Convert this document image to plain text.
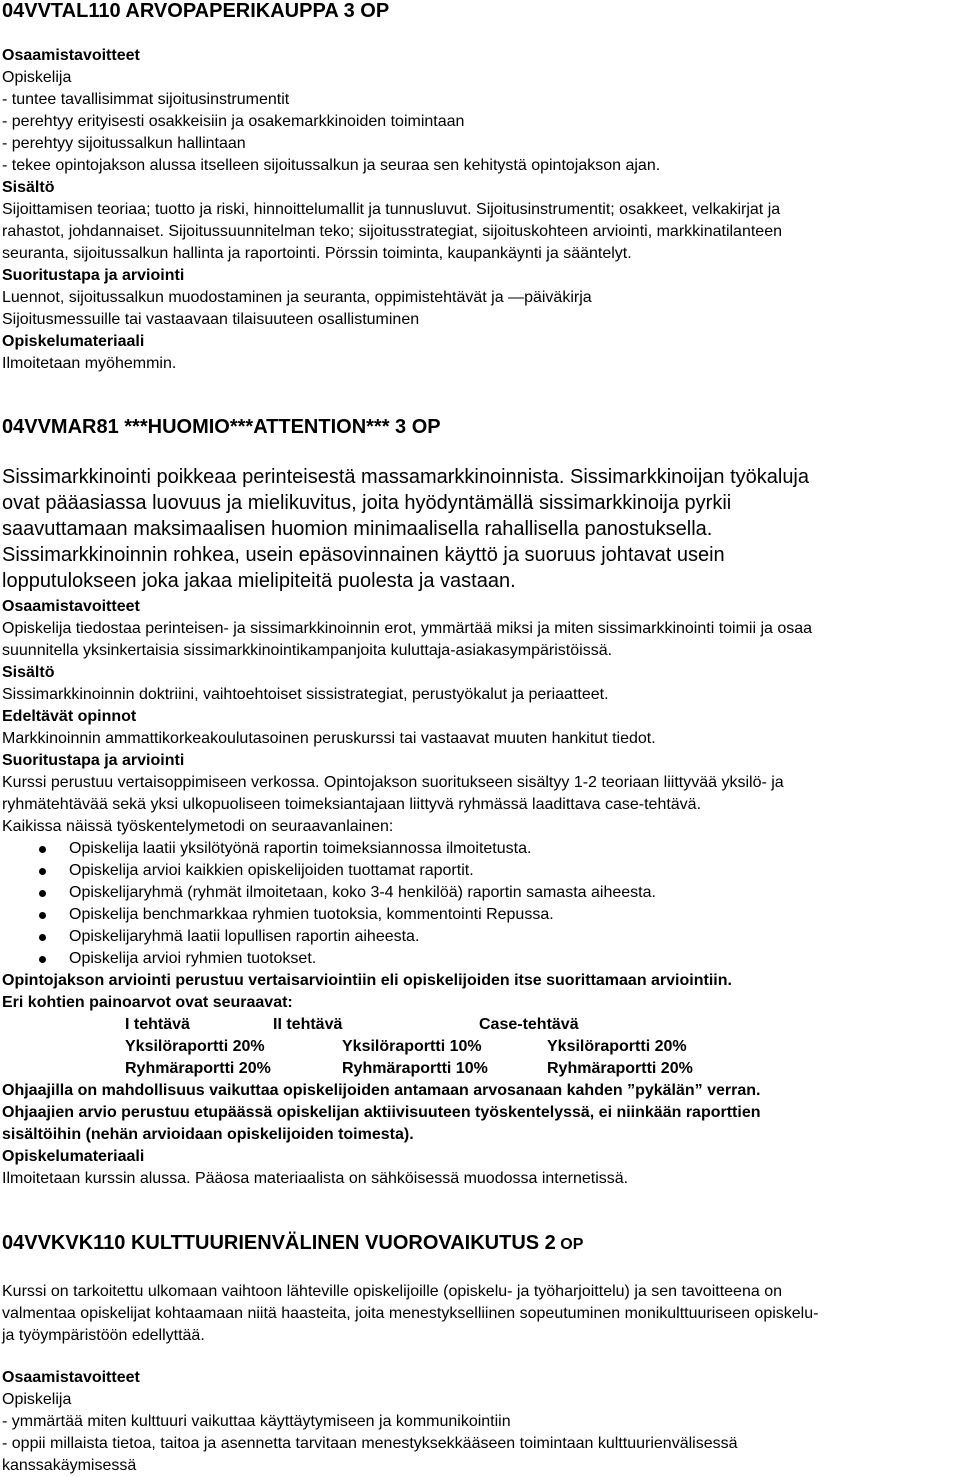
04VVTAL110 ARVOPAPERIKAUPPA 3 OP
Osaamistavoitteet
Opiskelija
- tuntee tavallisimmat sijoitusinstrumentit
- perehtyy erityisesti osakkeisiin ja osakemarkkinoiden toimintaan
- perehtyy sijoitussalkun hallintaan
- tekee opintojakson alussa itselleen sijoitussalkun ja seuraa sen kehitystä opintojakson ajan.
Sisältö
Sijoittamisen teoriaa; tuotto ja riski, hinnoittelumallit ja tunnusluvut. Sijoitusinstrumentit; osakkeet, velkakirjat ja
rahastot, johdannaiset. Sijoitussuunnitelman teko; sijoitusstrategiat, sijoituskohteen arviointi, markkinatilanteen
seuranta, sijoitussalkun hallinta ja raportointi. Pörssin toiminta, kaupankäynti ja sääntelyt.
Suoritustapa ja arviointi
Luennot, sijoitussalkun muodostaminen ja seuranta, oppimistehtävät ja —päiväkirja
Sijoitusmessuille tai vastaavaan tilaisuuteen osallistuminen
Opiskelumateriaali
Ilmoitetaan myöhemmin.
04VVMAR81 ***HUOMIO***ATTENTION*** 3 OP
Sissimarkkinointi poikkeaa perinteisestä massamarkkinoinnista. Sissimarkkinoijan työkaluja
ovat pääasiassa luovuus ja mielikuvitus, joita hyödyntämällä sissimarkkinoija pyrkii
saavuttamaan maksimaalisen huomion minimaalisella rahallisella panostuksella.
Sissimarkkinoinnin rohkea, usein epäsovinnainen käyttö ja suoruus johtavat usein
lopputulokseen joka jakaa mielipiteitä puolesta ja vastaan.
Osaamistavoitteet
Opiskelija tiedostaa perinteisen- ja sissimarkkinoinnin erot, ymmärtää miksi ja miten sissimarkkinointi toimii ja osaa
suunnitella yksinkertaisia sissimarkkinointikampanjoita kuluttaja-asiakasympäristöissä.
Sisältö
Sissimarkkinoinnin doktriini, vaihtoehtoiset sissistrategiat, perustyökalut ja periaatteet.
Edeltävät opinnot
Markkinoinnin ammattikorkeakoulutasoinen peruskurssi tai vastaavat muuten hankitut tiedot.
Suoritustapa ja arviointi
Kurssi perustuu vertaisoppimiseen verkossa. Opintojakson suoritukseen sisältyy 1-2 teoriaan liittyvää yksilö- ja
ryhmätehtävää sekä yksi ulkopuoliseen toimeksiantajaan liittyvä ryhmässä laadittava case-tehtävä.
Kaikissa näissä työskentelymetodi on seuraavanlainen:
Opiskelija laatii yksilötyönä raportin toimeksiannossa ilmoitetusta.
Opiskelija arvioi kaikkien opiskelijoiden tuottamat raportit.
Opiskelijaryhmä (ryhmät ilmoitetaan, koko 3-4 henkilöä) raportin samasta aiheesta.
Opiskelija benchmarkkaa ryhmien tuotoksia, kommentointi Repussa.
Opiskelijaryhmä laatii lopullisen raportin aiheesta.
Opiskelija arvioi ryhmien tuotokset.
Opintojakson arviointi perustuu vertaisarviointiin eli opiskelijoiden itse suorittamaan arviointiin.
Eri kohtien painoarvot ovat seuraavat:
I tehtävä	II tehtävä	Case-tehtävä
Yksilöraportti 20%	Yksilöraportti 10%	Yksilöraportti 20%
Ryhmäraportti 20%	Ryhmäraportti 10%	Ryhmäraportti 20%
Ohjaajilla on mahdollisuus vaikuttaa opiskelijoiden antamaan arvosanaan kahden ”pykälän” verran.
Ohjaajien arvio perustuu etupäässä opiskelijan aktiivisuuteen työskentelyssä, ei niinkään raporttien
sisältöihin (nehän arvioidaan opiskelijoiden toimesta).
Opiskelumateriaali
Ilmoitetaan kurssin alussa. Pääosa materiaalista on sähköisessä muodossa internetissä.
04VVKVK110 KULTTUURIENVÄLINEN VUOROVAIKUTUS 2 OP
Kurssi on tarkoitettu ulkomaan vaihtoon lähteville opiskelijoille (opiskelu- ja työharjoittelu) ja sen tavoitteena on
valmentaa opiskelijat kohtaamaan niitä haasteita, joita menestykselliinen sopeutuminen monikulttuuriseen opiskelu-
ja työympäristöön edellyttää.
Osaamistavoitteet
Opiskelija
- ymmärtää miten kulttuuri vaikuttaa käyttäytymiseen ja kommunikointiin
- oppii millaista tietoa, taitoa ja asennetta tarvitaan menestyksekkääseen toimintaan kulttuurienvälisessä
kanssakäymisessä
